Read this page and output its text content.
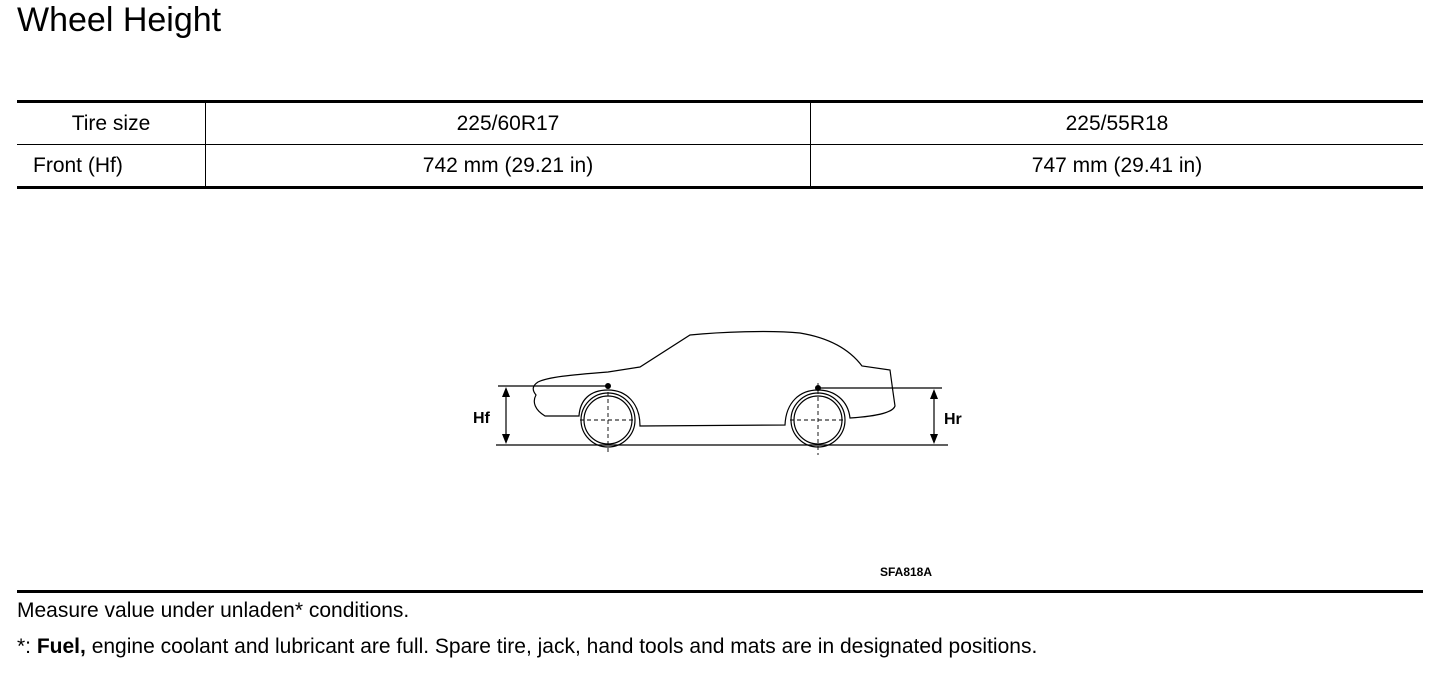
Wheel Height
Tire size	225/60R17	225/55R18
Front (Hf)	742 mm (29.21 in)	747 mm (29.41 in)
Hf	Hr
SFA818A
Measure value under unladen* conditions.
*: Fuel, engine coolant and lubricant are full. Spare tire, jack, hand tools and mats are in designated positions.
